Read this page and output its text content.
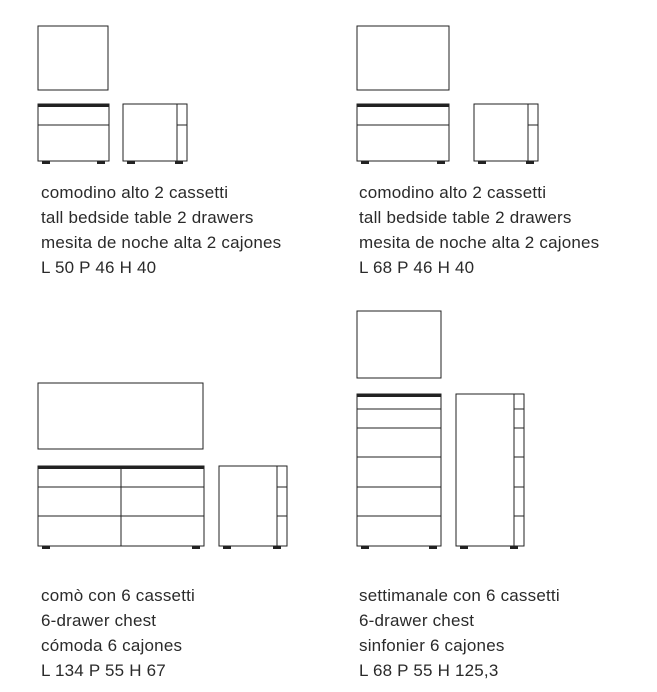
comodino alto 2 cassetti
tall bedside table 2 drawers
mesita de noche alta 2 cajones
L 50 P 46 H 40
comodino alto 2 cassetti
tall bedside table 2 drawers
mesita de noche alta 2 cajones
L 68 P 46 H 40
comò con 6 cassetti
6-drawer chest
cómoda 6 cajones
L 134 P 55 H 67
settimanale con 6 cassetti
6-drawer chest
sinfonier 6 cajones
L 68 P 55 H 125,3
